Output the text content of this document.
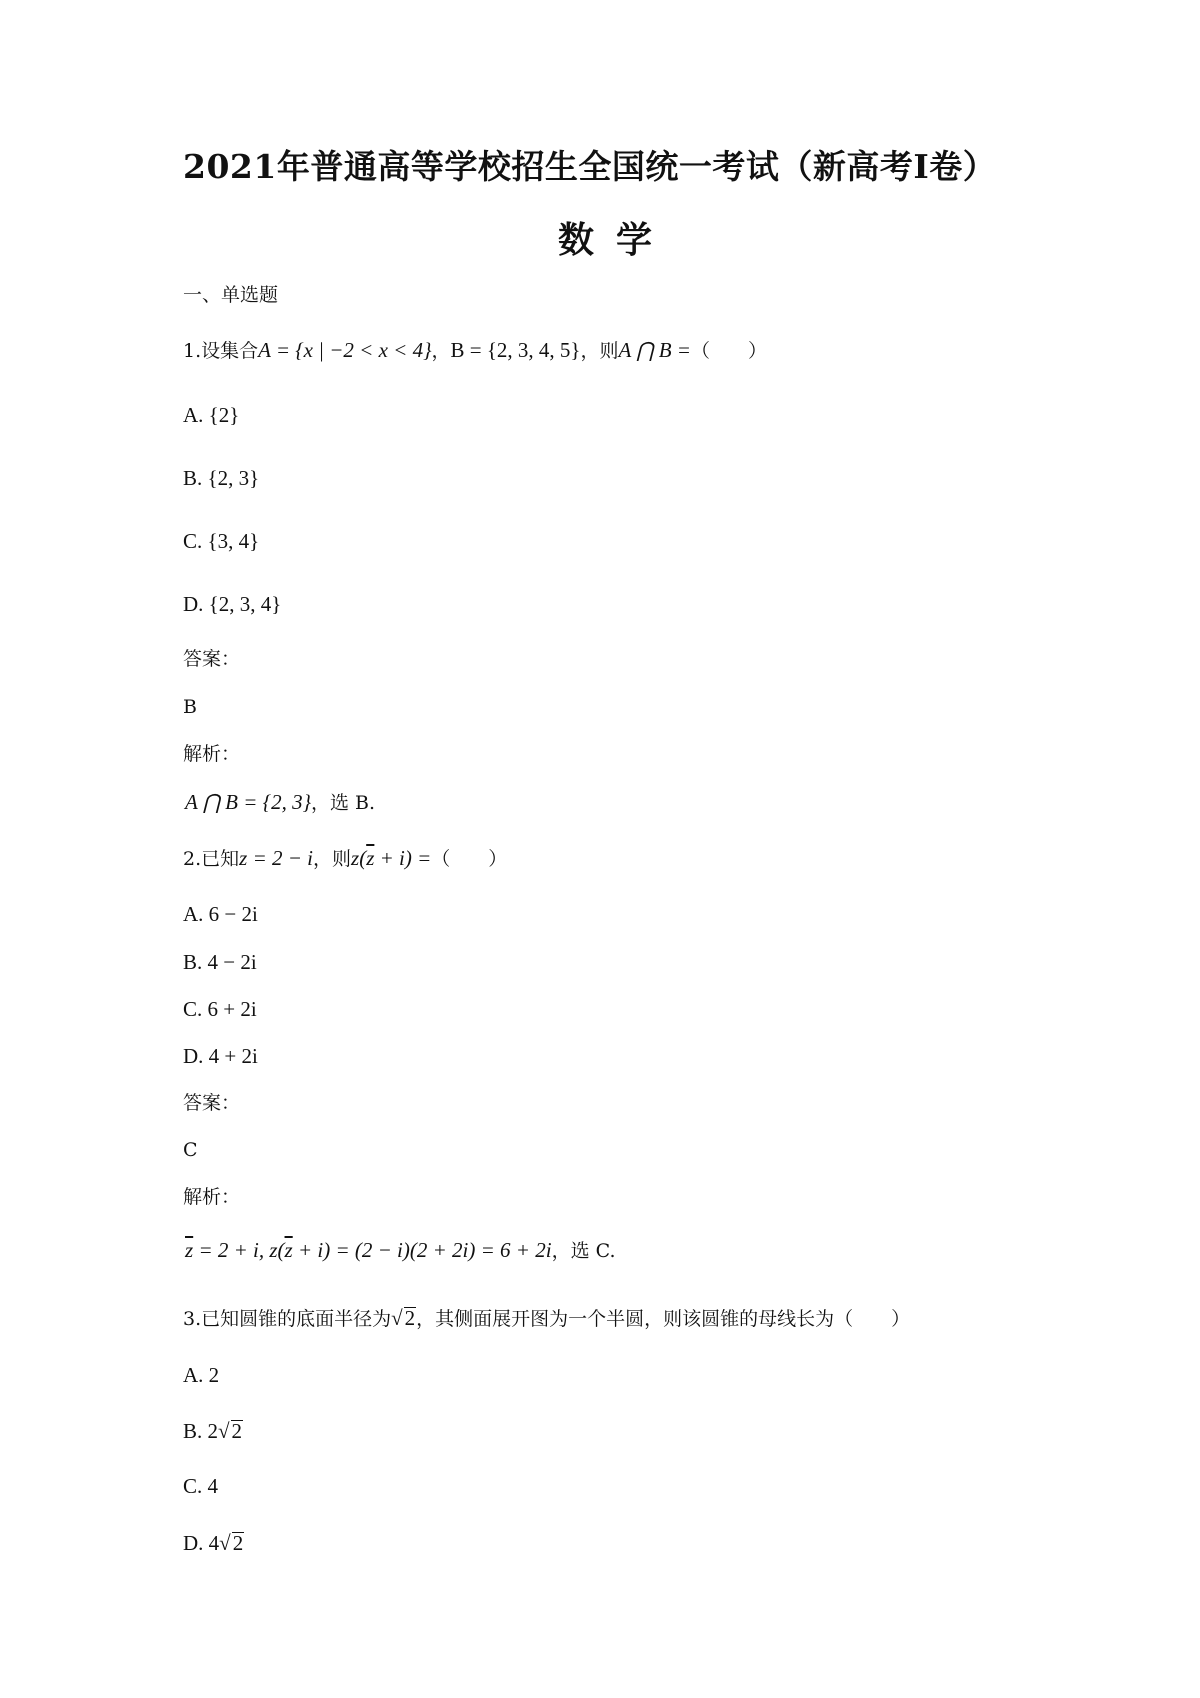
2021年普通高等学校招生全国统一考试（新高考Ⅰ卷）
数学
一、单选题
1.设集合A = {x | −2 < x < 4}，B = {2, 3, 4, 5}，则A ⋂ B =（　　）
A. {2}
B. {2, 3}
C. {3, 4}
D. {2, 3, 4}
答案：
B
解析：
A ⋂ B = {2, 3}，选 B.
2.已知z = 2 − i，则$z(\overline{z} + i)$ =（　　）
A. 6 − 2i
B. 4 − 2i
C. 6 + 2i
D. 4 + 2i
答案：
C
解析：
$\overline{z} = 2 + i$, $z(\overline{z} + i) = (2 - i)(2 + 2i) = 6 + 2i$，选 C.
3.已知圆锥的底面半径为√2，其侧面展开图为一个半圆，则该圆锥的母线长为（　　）
A. 2
B. 2√2
C. 4
D. 4√2
